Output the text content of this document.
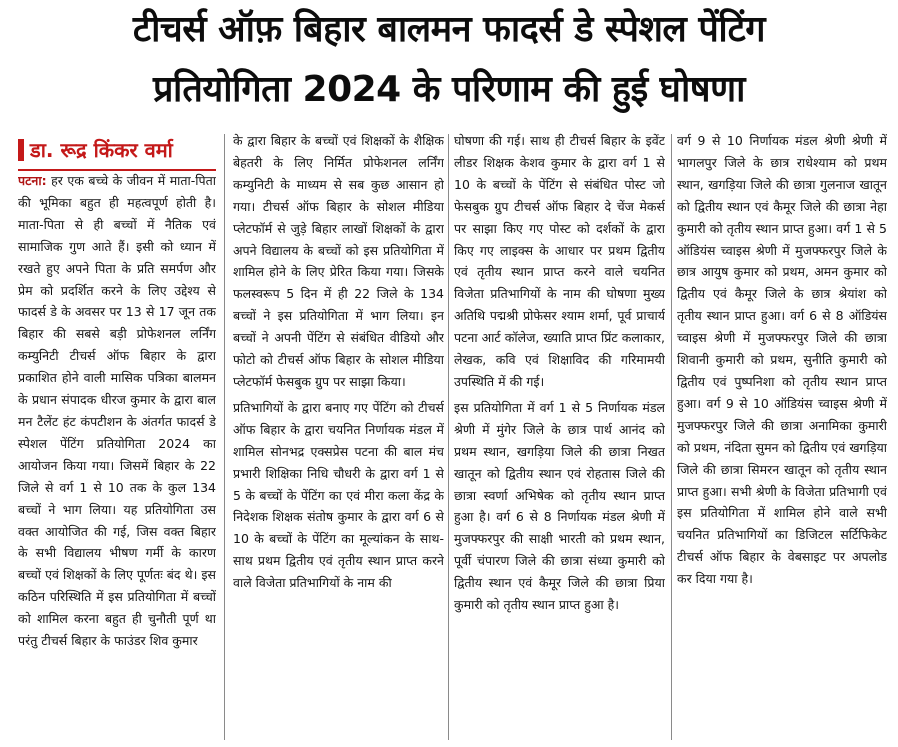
टीचर्स ऑफ़ बिहार बालमन फादर्स डे स्पेशल पेंटिंग
प्रतियोगिता 2024 के परिणाम की हुई घोषणा
डा. रूद्र किंकर वर्मा

पटना: हर एक बच्चे के जीवन में माता-पिता की भूमिका बहुत ही महत्वपूर्ण होती है। माता-पिता से ही बच्चों में नैतिक एवं सामाजिक गुण आते हैं। इसी को ध्यान में रखते हुए अपने पिता के प्रति समर्पण और प्रेम को प्रदर्शित करने के लिए उद्देश्य से फादर्स डे के अवसर पर 13 से 17 जून तक बिहार की सबसे बड़ी प्रोफेशनल लर्निंग कम्युनिटी टीचर्स ऑफ बिहार के द्वारा प्रकाशित होने वाली मासिक पत्रिका बालमन के प्रधान संपादक धीरज कुमार के द्वारा बाल मन टैलेंट हंट कंपटीशन के अंतर्गत फादर्स डे स्पेशल पेंटिंग प्रतियोगिता 2024 का आयोजन किया गया। जिसमें बिहार के 22 जिले से वर्ग 1 से 10 तक के कुल 134 बच्चों ने भाग लिया। यह प्रतियोगिता उस वक्त आयोजित की गई, जिस वक्त बिहार के सभी विद्यालय भीषण गर्मी के कारण बच्चों एवं शिक्षकों के लिए पूर्णतः बंद थे। इस कठिन परिस्थिति में इस प्रतियोगिता में बच्चों को शामिल करना बहुत ही चुनौती पूर्ण था परंतु टीचर्स बिहार के फाउंडर शिव कुमार

के द्वारा बिहार के बच्चों एवं शिक्षकों के शैक्षिक बेहतरी के लिए निर्मित प्रोफेशनल लर्निंग कम्युनिटी के माध्यम से सब कुछ आसान हो गया। टीचर्स ऑफ बिहार के सोशल मीडिया प्लेटफॉर्म से जुड़े बिहार लाखों शिक्षकों के द्वारा अपने विद्यालय के बच्चों को इस प्रतियोगिता में शामिल होने के लिए प्रेरित किया गया। जिसके फलस्वरूप 5 दिन में ही 22 जिले के 134 बच्चों ने इस प्रतियोगिता में भाग लिया। इन बच्चों ने अपनी पेंटिंग से संबंधित वीडियो और फोटो को टीचर्स ऑफ बिहार के सोशल मीडिया प्लेटफॉर्म फेसबुक ग्रुप पर साझा किया।

प्रतिभागियों के द्वारा बनाए गए पेंटिंग को टीचर्स ऑफ बिहार के द्वारा चयनित निर्णायक मंडल में शामिल सोनभद्र एक्सप्रेस पटना की बाल मंच प्रभारी शिक्षिका निधि चौधरी के द्वारा वर्ग 1 से 5 के बच्चों के पेंटिंग का एवं मीरा कला केंद्र के निदेशक शिक्षक संतोष कुमार के द्वारा वर्ग 6 से 10 के बच्चों के पेंटिंग का मूल्यांकन के साथ-साथ प्रथम द्वितीय एवं तृतीय स्थान प्राप्त करने वाले विजेता प्रतिभागियों के नाम की

घोषणा की गई। साथ ही टीचर्स बिहार के इवेंट लीडर शिक्षक केशव कुमार के द्वारा वर्ग 1 से 10 के बच्चों के पेंटिंग से संबंधित पोस्ट जो फेसबुक ग्रुप टीचर्स ऑफ बिहार दे चेंज मेकर्स पर साझा किए गए पोस्ट को दर्शकों के द्वारा किए गए लाइक्स के आधार पर प्रथम द्वितीय एवं तृतीय स्थान प्राप्त करने वाले चयनित विजेता प्रतिभागियों के नाम की घोषणा मुख्य अतिथि पद्मश्री प्रोफेसर श्याम शर्मा, पूर्व प्राचार्य पटना आर्ट कॉलेज, ख्याति प्राप्त प्रिंट कलाकार, लेखक, कवि एवं शिक्षाविद की गरिमामयी उपस्थिति में की गई।

इस प्रतियोगिता में वर्ग 1 से 5 निर्णायक मंडल श्रेणी में मुंगेर जिले के छात्र पार्थ आनंद को प्रथम स्थान, खगड़िया जिले की छात्रा निखत खातून को द्वितीय स्थान एवं रोहतास जिले की छात्रा स्वर्णा अभिषेक को तृतीय स्थान प्राप्त हुआ है। वर्ग 6 से 8 निर्णायक मंडल श्रेणी में मुजफ्फरपुर की साक्षी भारती को प्रथम स्थान, पूर्वी चंपारण जिले की छात्रा संध्या कुमारी को द्वितीय स्थान एवं कैमूर जिले की छात्रा प्रिया कुमारी को तृतीय स्थान प्राप्त हुआ है।

वर्ग 9 से 10 निर्णायक मंडल श्रेणी श्रेणी में भागलपुर जिले के छात्र राधेश्याम को प्रथम स्थान, खगड़िया जिले की छात्रा गुलनाज खातून को द्वितीय स्थान एवं कैमूर जिले की छात्रा नेहा कुमारी को तृतीय स्थान प्राप्त हुआ। वर्ग 1 से 5 ऑडियंस च्वाइस श्रेणी में मुजफ्फरपुर जिले के छात्र आयुष कुमार को प्रथम, अमन कुमार को द्वितीय एवं कैमूर जिले के छात्र श्रेयांश को तृतीय स्थान प्राप्त हुआ। वर्ग 6 से 8 ऑडियंस च्वाइस श्रेणी में मुजफ्फरपुर जिले की छात्रा शिवानी कुमारी को प्रथम, सुनीति कुमारी को द्वितीय एवं पुष्पनिशा को तृतीय स्थान प्राप्त हुआ। वर्ग 9 से 10 ऑडियंस च्वाइस श्रेणी में मुजफ्फरपुर जिले की छात्रा अनामिका कुमारी को प्रथम, नंदिता सुमन को द्वितीय एवं खगड़िया जिले की छात्रा सिमरन खातून को तृतीय स्थान प्राप्त हुआ। सभी श्रेणी के विजेता प्रतिभागी एवं इस प्रतियोगिता में शामिल होने वाले सभी चयनित प्रतिभागियों का डिजिटल सर्टिफिकेट टीचर्स ऑफ बिहार के वेबसाइट पर अपलोड कर दिया गया है।
